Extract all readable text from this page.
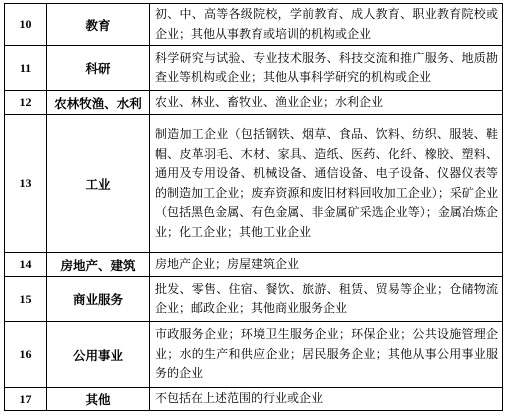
10	教育	初、中、高等各级院校，学前教育、成人教育、职业教育院校或企业；其他从事教育或培训的机构或企业
11	科研	科学研究与试验、专业技术服务、科技交流和推广服务、地质勘查业等机构或企业；其他从事科学研究的机构或企业
12	农林牧渔、水利	农业、林业、畜牧业、渔业企业；水利企业
13	工业	制造加工企业（包括钢铁、烟草、食品、饮料、纺织、服装、鞋帽、皮革羽毛、木材、家具、造纸、医药、化纤、橡胶、塑料、通用及专用设备、机械设备、通信设备、电子设备、仪器仪表等的制造加工企业；废弃资源和废旧材料回收加工企业）；采矿企业（包括黑色金属、有色金属、非金属矿采选企业等）；金属冶炼企业；化工企业；其他工业企业
14	房地产、建筑	房地产企业；房屋建筑企业
15	商业服务	批发、零售、住宿、餐饮、旅游、租赁、贸易等企业；仓储物流企业；邮政企业；其他商业服务企业
16	公用事业	市政服务企业；环境卫生服务企业；环保企业；公共设施管理企业；水的生产和供应企业；居民服务企业；其他从事公用事业服务的企业
17	其他	不包括在上述范围的行业或企业
